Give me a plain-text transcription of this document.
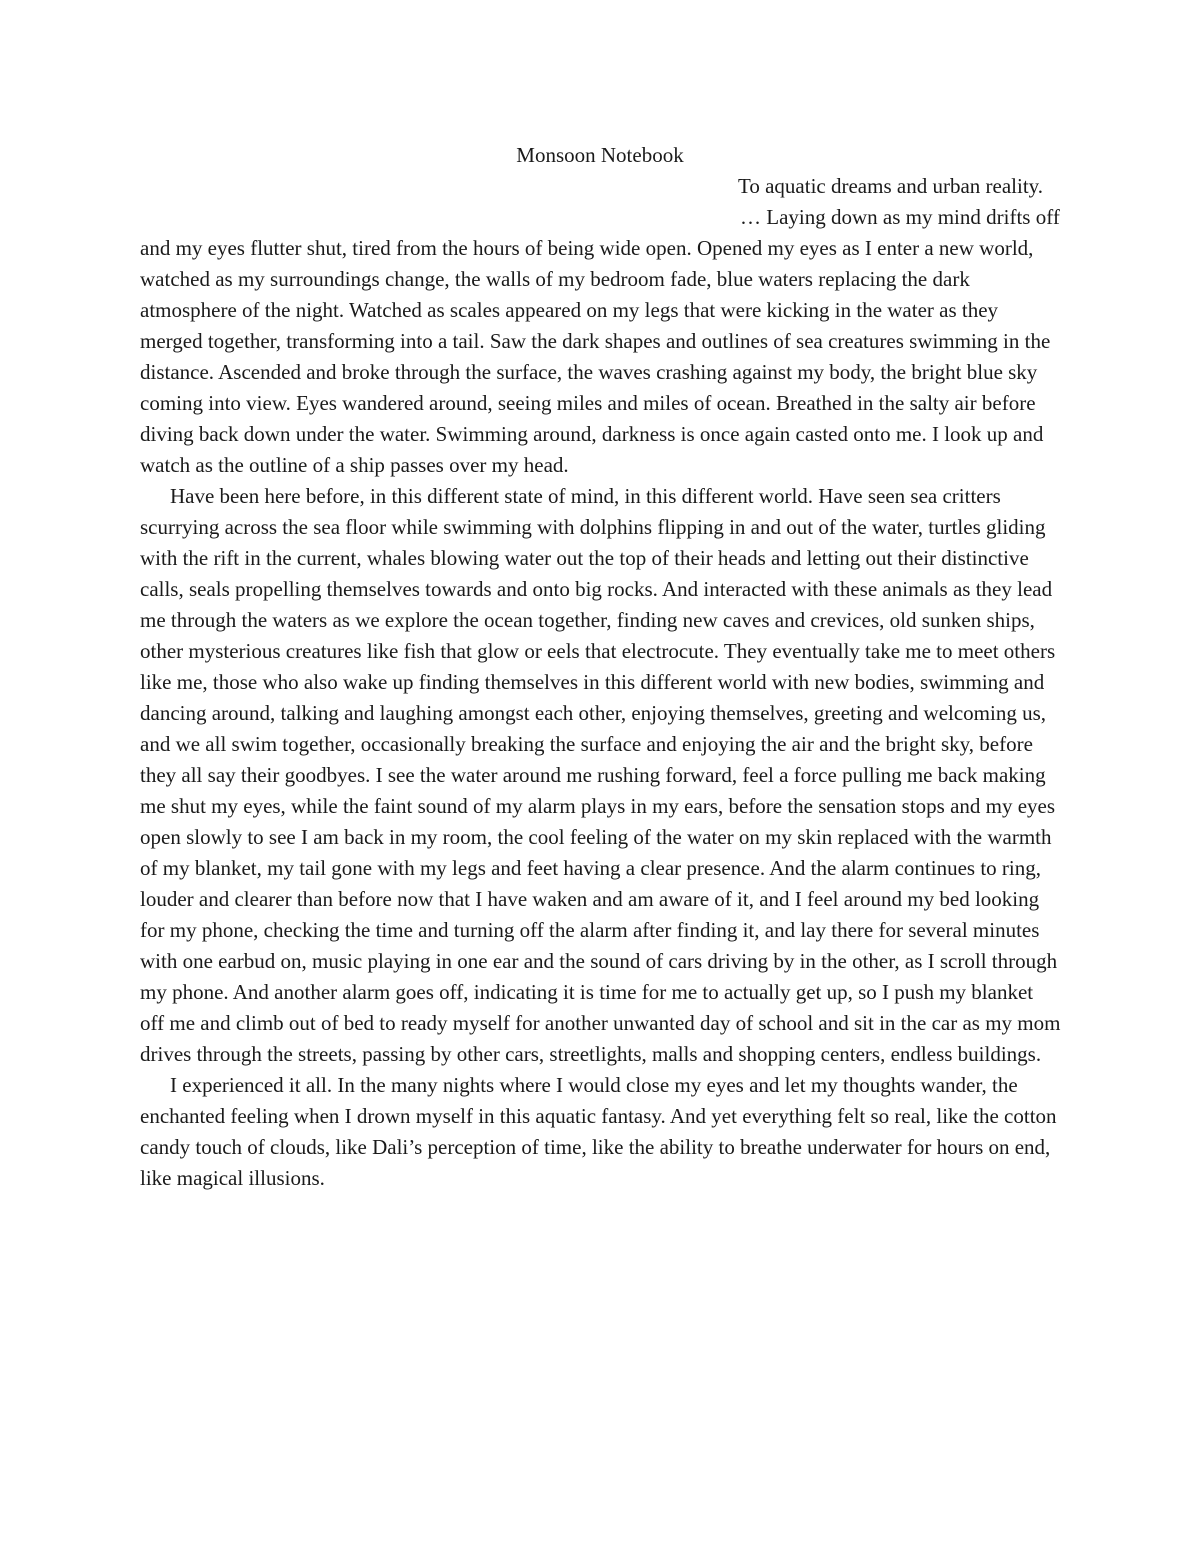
Monsoon Notebook

To aquatic dreams and urban reality.

… Laying down as my mind drifts off and my eyes flutter shut, tired from the hours of being wide open. Opened my eyes as I enter a new world, watched as my surroundings change, the walls of my bedroom fade, blue waters replacing the dark atmosphere of the night. Watched as scales appeared on my legs that were kicking in the water as they merged together, transforming into a tail. Saw the dark shapes and outlines of sea creatures swimming in the distance. Ascended and broke through the surface, the waves crashing against my body, the bright blue sky coming into view. Eyes wandered around, seeing miles and miles of ocean. Breathed in the salty air before diving back down under the water. Swimming around, darkness is once again casted onto me. I look up and watch as the outline of a ship passes over my head.

Have been here before, in this different state of mind, in this different world. Have seen sea critters scurrying across the sea floor while swimming with dolphins flipping in and out of the water, turtles gliding with the rift in the current, whales blowing water out the top of their heads and letting out their distinctive calls, seals propelling themselves towards and onto big rocks. And interacted with these animals as they lead me through the waters as we explore the ocean together, finding new caves and crevices, old sunken ships, other mysterious creatures like fish that glow or eels that electrocute. They eventually take me to meet others like me, those who also wake up finding themselves in this different world with new bodies, swimming and dancing around, talking and laughing amongst each other, enjoying themselves, greeting and welcoming us, and we all swim together, occasionally breaking the surface and enjoying the air and the bright sky, before they all say their goodbyes. I see the water around me rushing forward, feel a force pulling me back making me shut my eyes, while the faint sound of my alarm plays in my ears, before the sensation stops and my eyes open slowly to see I am back in my room, the cool feeling of the water on my skin replaced with the warmth of my blanket, my tail gone with my legs and feet having a clear presence. And the alarm continues to ring, louder and clearer than before now that I have waken and am aware of it, and I feel around my bed looking for my phone, checking the time and turning off the alarm after finding it, and lay there for several minutes with one earbud on, music playing in one ear and the sound of cars driving by in the other, as I scroll through my phone. And another alarm goes off, indicating it is time for me to actually get up, so I push my blanket off me and climb out of bed to ready myself for another unwanted day of school and sit in the car as my mom drives through the streets, passing by other cars, streetlights, malls and shopping centers, endless buildings.

I experienced it all. In the many nights where I would close my eyes and let my thoughts wander, the enchanted feeling when I drown myself in this aquatic fantasy. And yet everything felt so real, like the cotton candy touch of clouds, like Dali’s perception of time, like the ability to breathe underwater for hours on end, like magical illusions.
